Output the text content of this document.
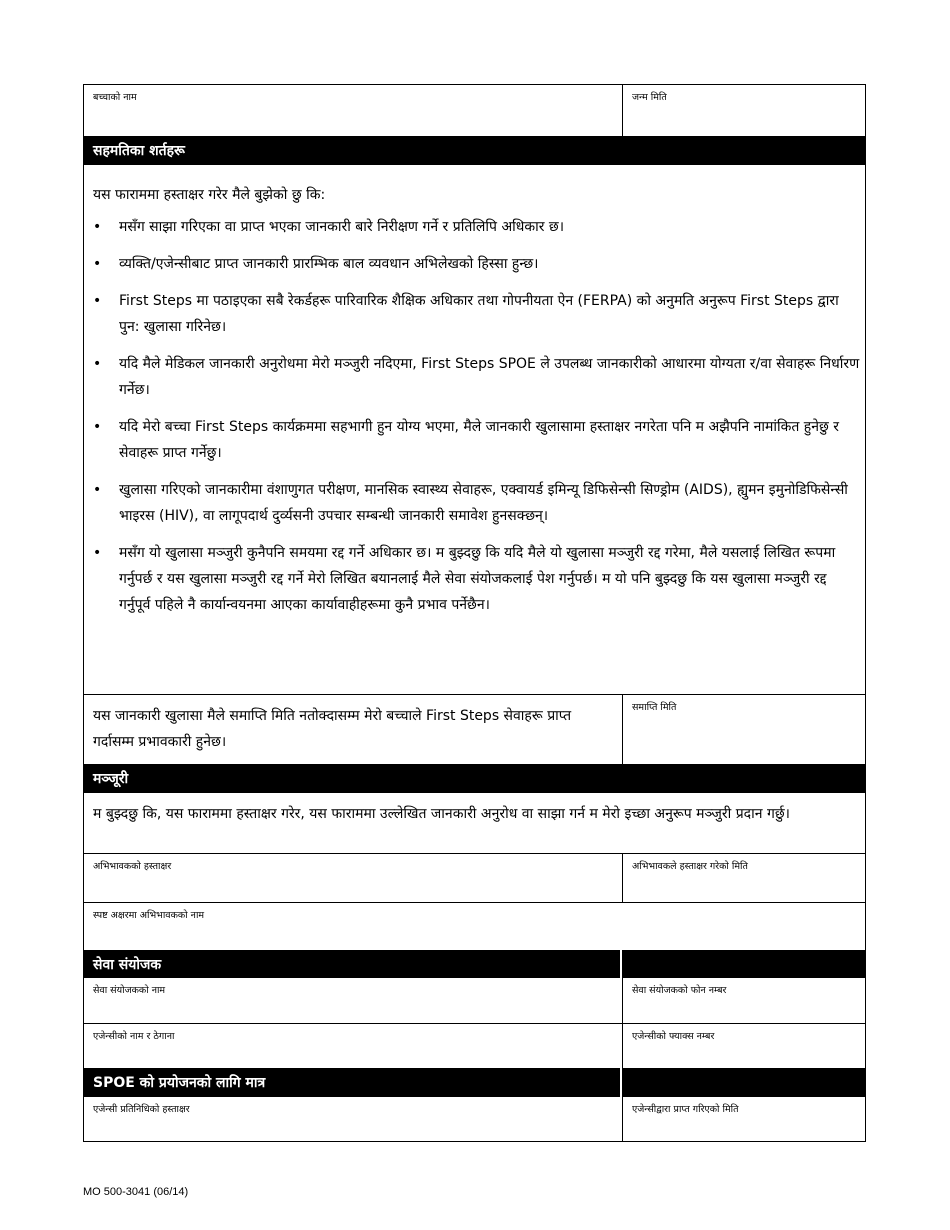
बच्चाको नाम	जन्म मिति
सहमतिका शर्तहरू
यस फाराममा हस्ताक्षर गरेर मैले बुझेको छु कि:
• मसँग साझा गरिएका वा प्राप्त भएका जानकारी बारे निरीक्षण गर्ने र प्रतिलिपि अधिकार छ।
• व्यक्ति/एजेन्सीबाट प्राप्त जानकारी प्रारम्भिक बाल व्यवधान अभिलेखको हिस्सा हुन्छ।
• First Steps मा पठाइएका सबै रेकर्डहरू पारिवारिक शैक्षिक अधिकार तथा गोपनीयता ऐन (FERPA) को अनुमति अनुरूप First Steps द्वारा पुन: खुलासा गरिनेछ।
• यदि मैले मेडिकल जानकारी अनुरोधमा मेरो मञ्जुरी नदिएमा, First Steps SPOE ले उपलब्ध जानकारीको आधारमा योग्यता र/वा सेवाहरू निर्धारण गर्नेछ।
• यदि मेरो बच्चा First Steps कार्यक्रममा सहभागी हुन योग्य भएमा, मैले जानकारी खुलासामा हस्ताक्षर नगरेता पनि म अझैपनि नामांकित हुनेछु र सेवाहरू प्राप्त गर्नेछु।
• खुलासा गरिएको जानकारीमा वंशाणुगत परीक्षण, मानसिक स्वास्थ्य सेवाहरू, एक्वायर्ड इमिन्यू डिफिसेन्सी सिण्ड्रोम (AIDS), ह्युमन इमुनोडिफिसेन्सी भाइरस (HIV), वा लागूपदार्थ दुर्व्यसनी उपचार सम्बन्धी जानकारी समावेश हुनसक्छन्।
• मसँग यो खुलासा मञ्जुरी कुनैपनि समयमा रद्द गर्ने अधिकार छ। म बुझ्दछु कि यदि मैले यो खुलासा मञ्जुरी रद्द गरेमा, मैले यसलाई लिखित रूपमा गर्नुपर्छ र यस खुलासा मञ्जुरी रद्द गर्ने मेरो लिखित बयानलाई मैले सेवा संयोजकलाई पेश गर्नुपर्छ। म यो पनि बुझ्दछु कि यस खुलासा मञ्जुरी रद्द गर्नुपूर्व पहिले नै कार्यान्वयनमा आएका कार्यावाहीहरूमा कुनै प्रभाव पर्नेछैन।
यस जानकारी खुलासा मैले समाप्ति मिति नतोक्दासम्म मेरो बच्चाले First Steps सेवाहरू प्राप्त गर्दासम्म प्रभावकारी हुनेछ।
समाप्ति मिति
मञ्जूरी
म बुझ्दछु कि, यस फाराममा हस्ताक्षर गरेर, यस फाराममा उल्लेखित जानकारी अनुरोध वा साझा गर्न म मेरो इच्छा अनुरूप मञ्जुरी प्रदान गर्छु।
अभिभावकको हस्ताक्षर	अभिभावकले हस्ताक्षर गरेको मिति
स्पष्ट अक्षरमा अभिभावकको नाम
सेवा संयोजक
सेवा संयोजकको नाम	सेवा संयोजकको फोन नम्बर
एजेन्सीको नाम र ठेगाना	एजेन्सीको फ्याक्स नम्बर
SPOE को प्रयोजनको लागि मात्र
एजेन्सी प्रतिनिधिको हस्ताक्षर	एजेन्सीद्वारा प्राप्त गरिएको मिति
MO 500-3041 (06/14)
